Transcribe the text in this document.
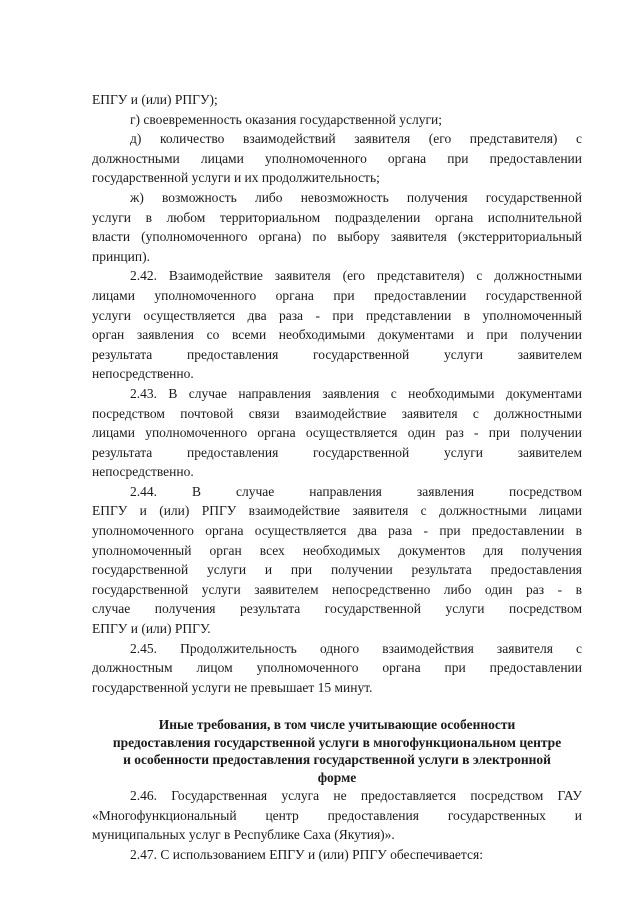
ЕПГУ и (или) РПГУ);
г) своевременность оказания государственной услуги;
д) количество взаимодействий заявителя (его представителя) с
должностными лицами уполномоченного органа при предоставлении
государственной услуги и их продолжительность;
ж) возможность либо невозможность получения государственной
услуги в любом территориальном подразделении органа исполнительной
власти (уполномоченного органа) по выбору заявителя (экстерриториальный
принцип).
2.42. Взаимодействие заявителя (его представителя) с должностными
лицами уполномоченного органа при предоставлении государственной
услуги осуществляется два раза - при представлении в уполномоченный
орган заявления со всеми необходимыми документами и при получении
результата предоставления государственной услуги заявителем
непосредственно.
2.43. В случае направления заявления с необходимыми документами
посредством почтовой связи взаимодействие заявителя с должностными
лицами уполномоченного органа осуществляется один раз - при получении
результата предоставления государственной услуги заявителем
непосредственно.
2.44. В случае направления заявления посредством
ЕПГУ и (или) РПГУ взаимодействие заявителя с должностными лицами
уполномоченного органа осуществляется два раза - при предоставлении в
уполномоченный орган всех необходимых документов для получения
государственной услуги и при получении результата предоставления
государственной услуги заявителем непосредственно либо один раз - в
случае получения результата государственной услуги посредством
ЕПГУ и (или) РПГУ.
2.45. Продолжительность одного взаимодействия заявителя с
должностным лицом уполномоченного органа при предоставлении
государственной услуги не превышает 15 минут.
Иные требования, в том числе учитывающие особенности
предоставления государственной услуги в многофункциональном центре
и особенности предоставления государственной услуги в электронной
форме
2.46. Государственная услуга не предоставляется посредством ГАУ
«Многофункциональный центр предоставления государственных и
муниципальных услуг в Республике Саха (Якутия)».
2.47. С использованием ЕПГУ и (или) РПГУ обеспечивается:
